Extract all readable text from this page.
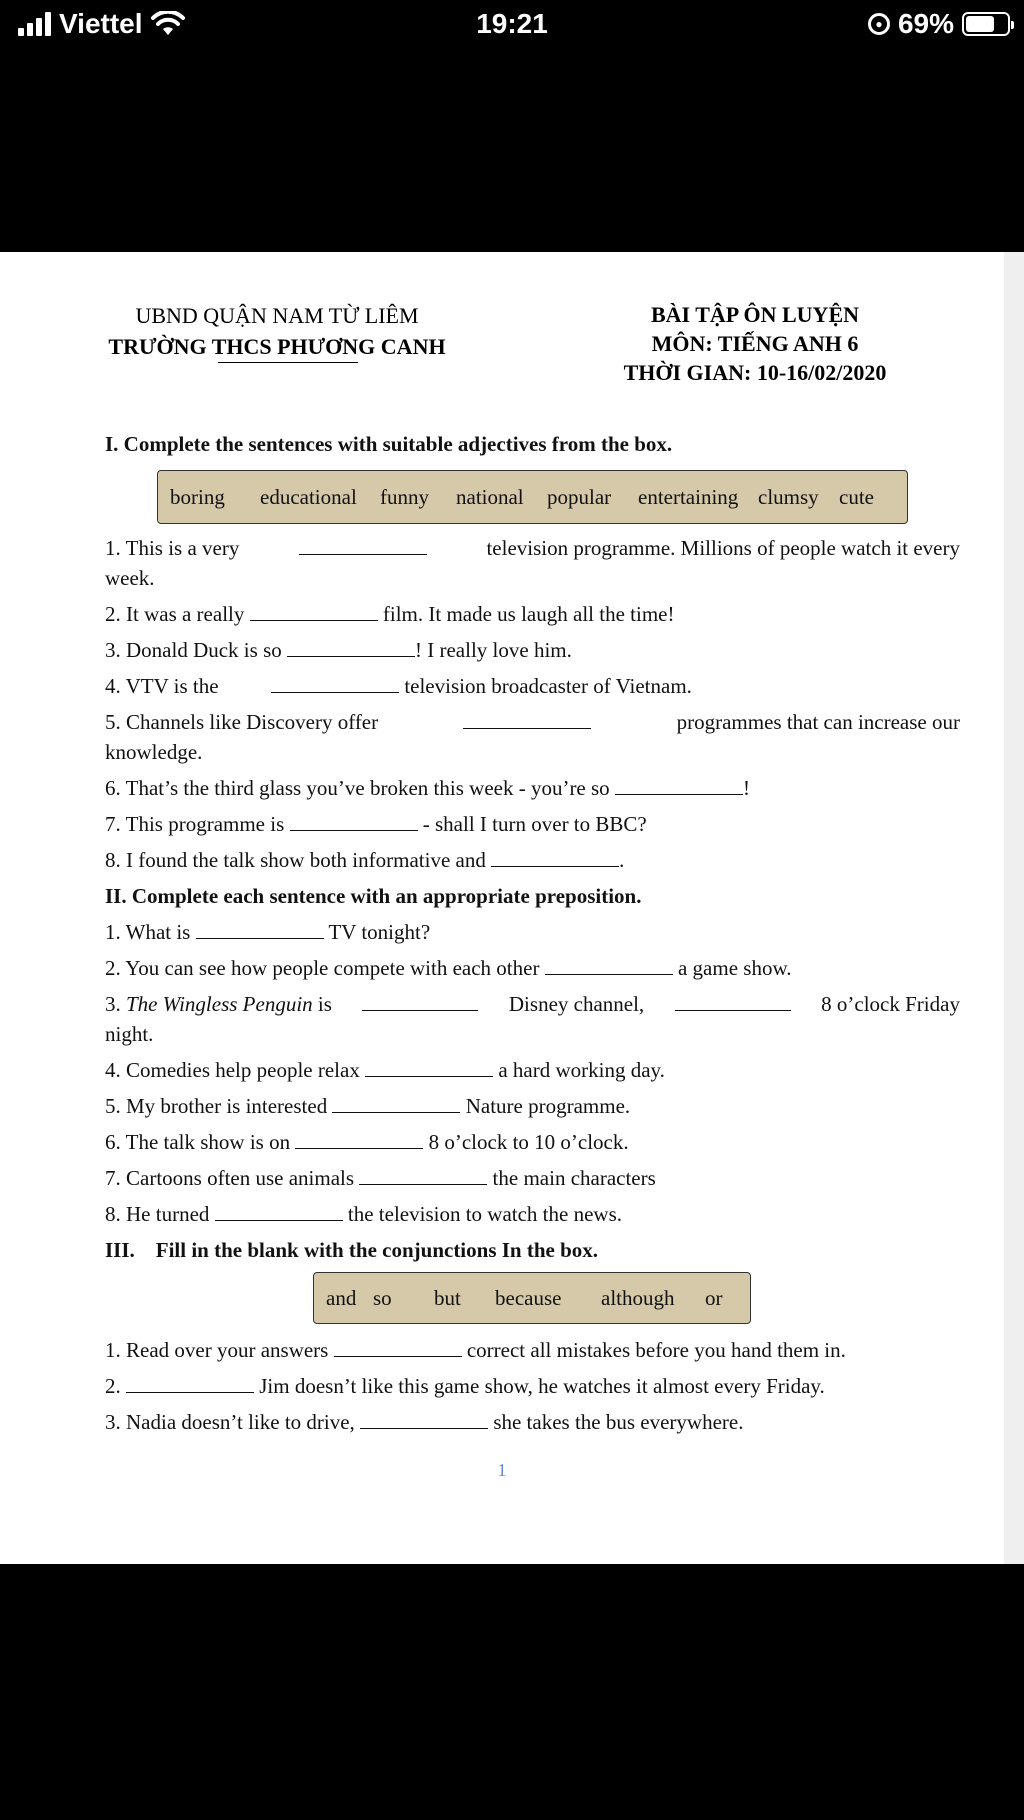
Viettel	19:21	● 69%
UBND QUẬN NAM TỪ LIÊM
TRƯỜNG THCS PHƯƠNG CANH
BÀI TẬP ÔN LUYỆN
MÔN: TIẾNG ANH 6
THỜI GIAN: 10-16/02/2020
I. Complete the sentences with suitable adjectives from the box.
boring	educational	funny	national	popular	entertaining clumsy cute
1. This is a very	television programme. Millions of people watch it every
week.
2. It was a really	film. It made us laugh all the time!
3. Donald Duck is so	! I really love him.
4. VTV is the	television broadcaster of Vietnam.
5. Channels like Discovery offer	programmes that can increase our
knowledge.
6. That’s the third glass you’ve broken this week - you’re so	!
7. This programme is	- shall I turn over to BBC?
8. I found the talk show both informative and	.
II. Complete each sentence with an appropriate preposition.
1. What is	TV tonight?
2. You can see how people compete with each other	a game show.
3. The Wingless Penguin is	Disney channel,	8 o’clock Friday
night.
4. Comedies help people relax	a hard working day.
5. My brother is interested	Nature programme.
6. The talk show is on	8 o’clock to 10 o’clock.
7. Cartoons often use animals	the main characters
8. He turned	the television to watch the news.
III.    Fill in the blank with the conjunctions In the box.
and so	but	because	although	or
1. Read over your answers	correct all mistakes before you hand them in.
2.	Jim doesn’t like this game show, he watches it almost every Friday.
3. Nadia doesn’t like to drive,	she takes the bus everywhere.
1
